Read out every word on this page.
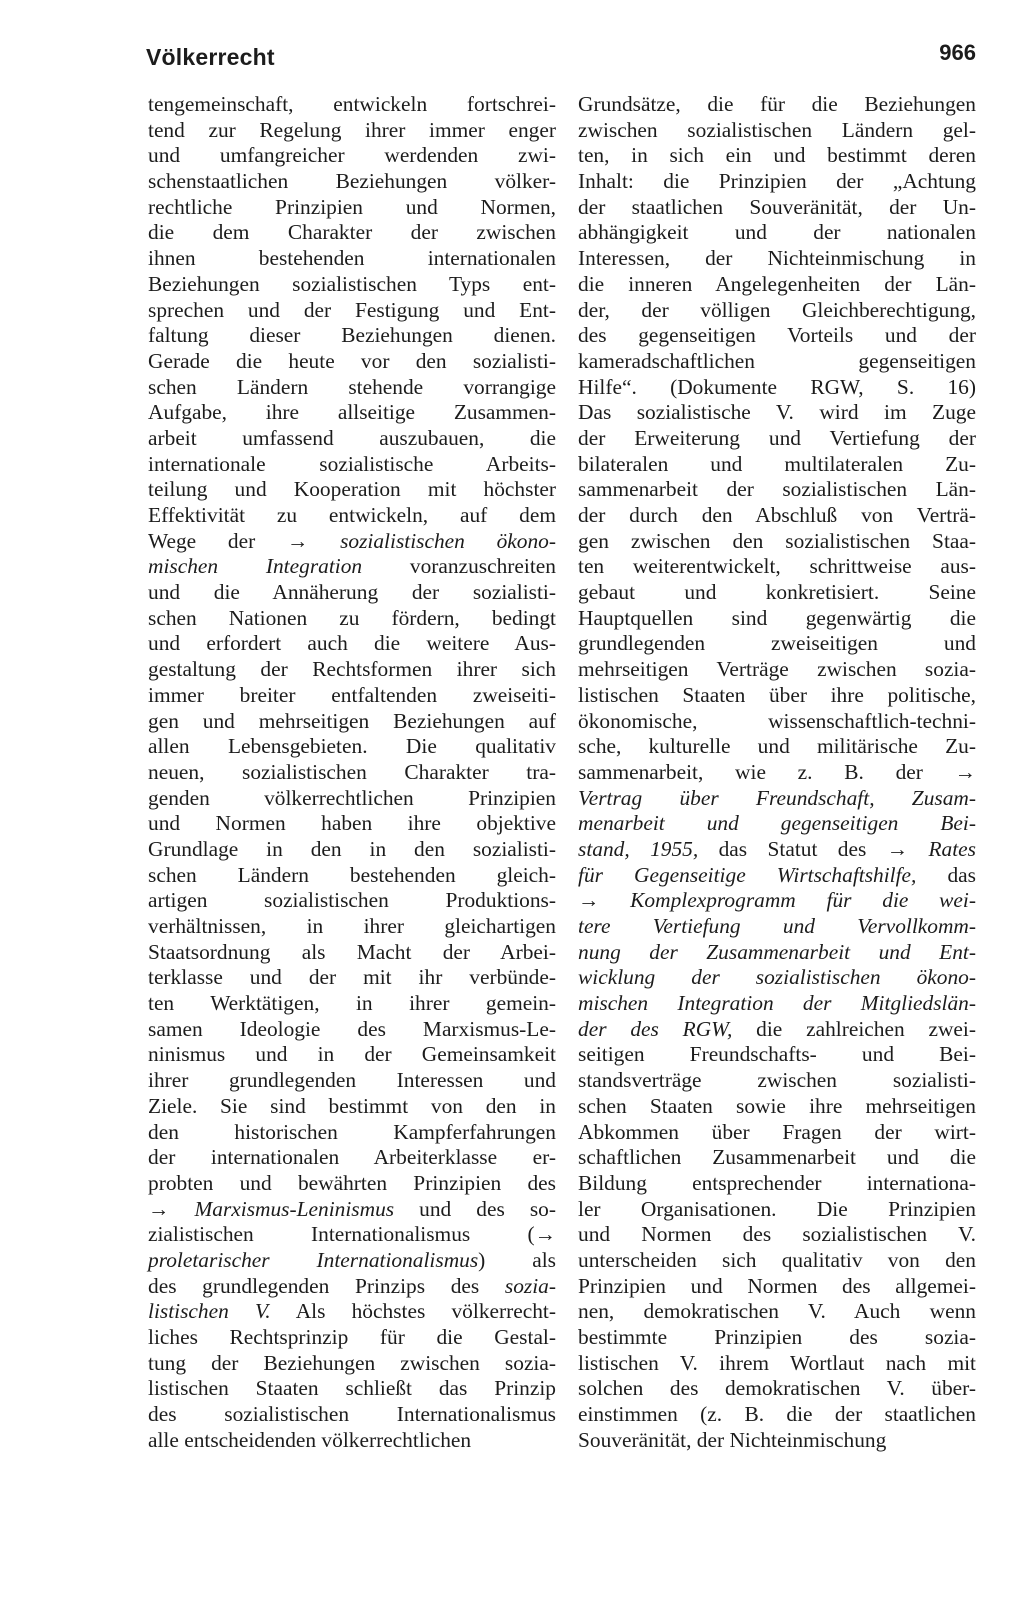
Völkerrecht	966
tengemeinschaft, entwickeln fortschrei-
tend zur Regelung ihrer immer enger
und umfangreicher werdenden zwi-
schenstaatlichen Beziehungen völker-
rechtliche Prinzipien und Normen,
die dem Charakter der zwischen
ihnen bestehenden internationalen
Beziehungen sozialistischen Typs ent-
sprechen und der Festigung und Ent-
faltung dieser Beziehungen dienen.
Gerade die heute vor den sozialisti-
schen Ländern stehende vorrangige
Aufgabe, ihre allseitige Zusammen-
arbeit umfassend auszubauen, die
internationale sozialistische Arbeits-
teilung und Kooperation mit höchster
Effektivität zu entwickeln, auf dem
Wege der → sozialistischen ökono-
mischen Integration voranzuschreiten
und die Annäherung der sozialisti-
schen Nationen zu fördern, bedingt
und erfordert auch die weitere Aus-
gestaltung der Rechtsformen ihrer sich
immer breiter entfaltenden zweiseiti-
gen und mehrseitigen Beziehungen auf
allen Lebensgebieten. Die qualitativ
neuen, sozialistischen Charakter tra-
genden völkerrechtlichen Prinzipien
und Normen haben ihre objektive
Grundlage in den in den sozialisti-
schen Ländern bestehenden gleich-
artigen sozialistischen Produktions-
verhältnissen, in ihrer gleichartigen
Staatsordnung als Macht der Arbei-
terklasse und der mit ihr verbünde-
ten Werktätigen, in ihrer gemein-
samen Ideologie des Marxismus-Le-
ninismus und in der Gemeinsamkeit
ihrer grundlegenden Interessen und
Ziele. Sie sind bestimmt von den in
den historischen Kampferfahrungen
der internationalen Arbeiterklasse er-
probten und bewährten Prinzipien des
→ Marxismus-Leninismus und des so-
zialistischen Internationalismus (→
proletarischer Internationalismus) als
des grundlegenden Prinzips des sozia-
listischen V. Als höchstes völkerrecht-
liches Rechtsprinzip für die Gestal-
tung der Beziehungen zwischen sozia-
listischen Staaten schließt das Prinzip
des sozialistischen Internationalismus
alle entscheidenden völkerrechtlichen
Grundsätze, die für die Beziehungen
zwischen sozialistischen Ländern gel-
ten, in sich ein und bestimmt deren
Inhalt: die Prinzipien der „Achtung
der staatlichen Souveränität, der Un-
abhängigkeit und der nationalen
Interessen, der Nichteinmischung in
die inneren Angelegenheiten der Län-
der, der völligen Gleichberechtigung,
des gegenseitigen Vorteils und der
kameradschaftlichen gegenseitigen
Hilfe“. (Dokumente RGW, S. 16)
Das sozialistische V. wird im Zuge
der Erweiterung und Vertiefung der
bilateralen und multilateralen Zu-
sammenarbeit der sozialistischen Län-
der durch den Abschluß von Verträ-
gen zwischen den sozialistischen Staa-
ten weiterentwickelt, schrittweise aus-
gebaut und konkretisiert. Seine
Hauptquellen sind gegenwärtig die
grundlegenden zweiseitigen und
mehrseitigen Verträge zwischen sozia-
listischen Staaten über ihre politische,
ökonomische, wissenschaftlich-techni-
sche, kulturelle und militärische Zu-
sammenarbeit, wie z. B. der →
Vertrag über Freundschaft, Zusam-
menarbeit und gegenseitigen Bei-
stand, 1955, das Statut des → Rates
für Gegenseitige Wirtschaftshilfe, das
→ Komplexprogramm für die wei-
tere Vertiefung und Vervollkomm-
nung der Zusammenarbeit und Ent-
wicklung der sozialistischen ökono-
mischen Integration der Mitgliedslän-
der des RGW, die zahlreichen zwei-
seitigen Freundschafts- und Bei-
standsverträge zwischen sozialisti-
schen Staaten sowie ihre mehrseitigen
Abkommen über Fragen der wirt-
schaftlichen Zusammenarbeit und die
Bildung entsprechender internationa-
ler Organisationen. Die Prinzipien
und Normen des sozialistischen V.
unterscheiden sich qualitativ von den
Prinzipien und Normen des allgemei-
nen, demokratischen V. Auch wenn
bestimmte Prinzipien des sozia-
listischen V. ihrem Wortlaut nach mit
solchen des demokratischen V. über-
einstimmen (z. B. die der staatlichen
Souveränität, der Nichteinmischung
